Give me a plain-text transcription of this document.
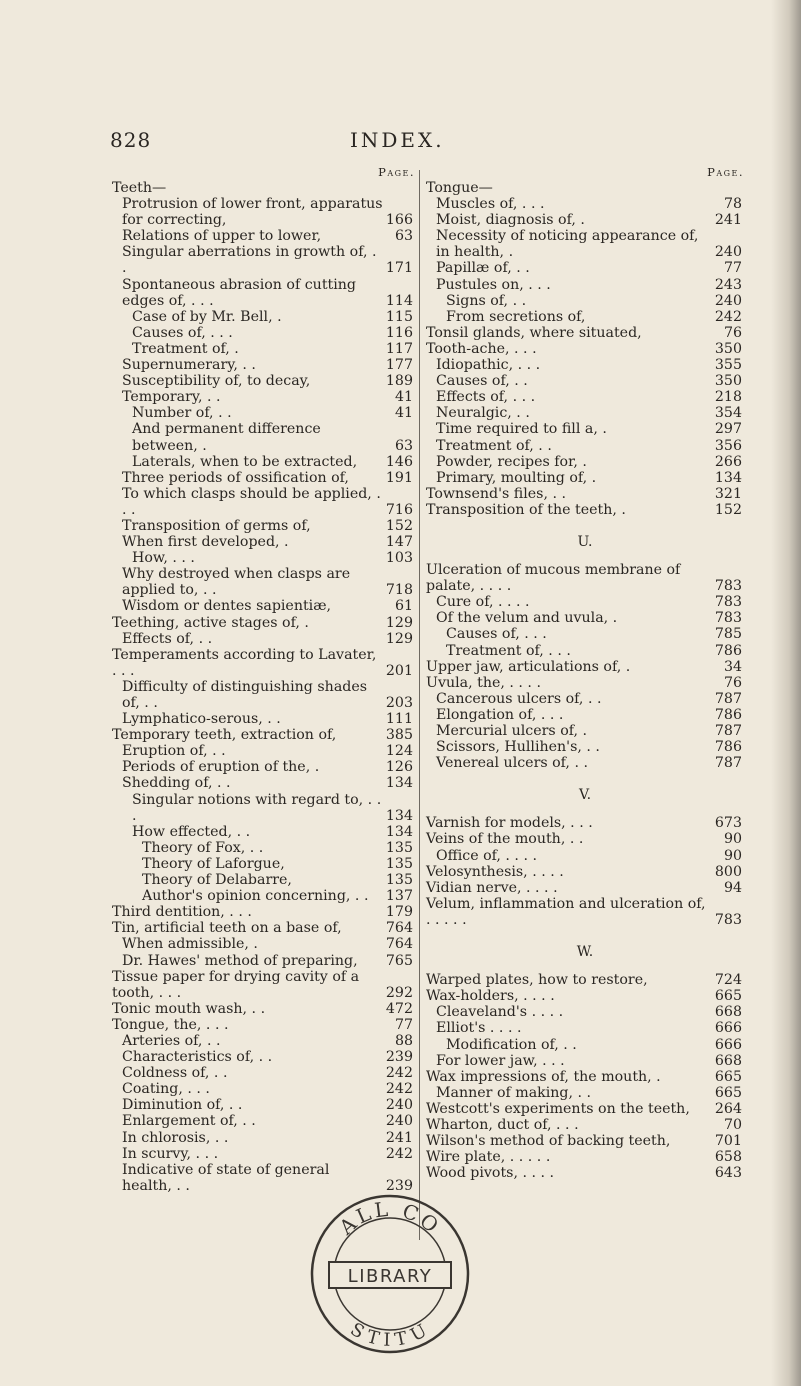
828	INDEX.
Page.
Teeth—
Protrusion of lower front, apparatus for correcting,	166
Relations of upper to lower,	63
Singular aberrations in growth of, . .	171
Spontaneous abrasion of cutting edges of, . . .	114
Case of by Mr. Bell, .	115
Causes of, . . .	116
Treatment of, .	117
Supernumerary, . .	177
Susceptibility of, to decay,	189
Temporary, . .	41
Number of, . .	41
And permanent difference between, .	63
Laterals, when to be extracted,	146
Three periods of ossification of,	191
To which clasps should be applied, . . .	716
Transposition of germs of,	152
When first developed, .	147
How, . . .	103
Why destroyed when clasps are applied to, . .	718
Wisdom or dentes sapientiæ,	61
Teething, active stages of, .	129
Effects of, . .	129
Temperaments according to Lavater, . . .	201
Difficulty of distinguishing shades of, . .	203
Lymphatico-serous, . .	111
Temporary teeth, extraction of,	385
Eruption of, . .	124
Periods of eruption of the, .	126
Shedding of, . .	134
Singular notions with regard to, . . .	134
How effected, . .	134
Theory of Fox, . .	135
Theory of Laforgue,	135
Theory of Delabarre,	135
Author's opinion concerning, . .	137
Third dentition, . . .	179
Tin, artificial teeth on a base of,	764
When admissible, .	764
Dr. Hawes' method of preparing,	765
Tissue paper for drying cavity of a tooth, . . .	292
Tonic mouth wash, . .	472
Tongue, the, . . .	77
Arteries of, . .	88
Characteristics of, . .	239
Coldness of, . .	242
Coating, . . .	242
Diminution of, . .	240
Enlargement of, . .	240
In chlorosis, . .	241
In scurvy, . . .	242
Indicative of state of general health, . .	239
Page.
Tongue—
Muscles of, . . .	78
Moist, diagnosis of, .	241
Necessity of noticing appearance of, in health, .	240
Papillæ of, . .	77
Pustules on, . . .	243
Signs of, . .	240
From secretions of,	242
Tonsil glands, where situated,	76
Tooth-ache, . . .	350
Idiopathic, . . .	355
Causes of, . .	350
Effects of, . . .	218
Neuralgic, . .	354
Time required to fill a, .	297
Treatment of, . .	356
Powder, recipes for, .	266
Primary, moulting of, .	134
Townsend's files, . .	321
Transposition of the teeth, .	152
U.
Ulceration of mucous membrane of palate, . . . .	783
Cure of, . . . .	783
Of the velum and uvula, .	783
Causes of, . . .	785
Treatment of, . . .	786
Upper jaw, articulations of, .	34
Uvula, the, . . . .	76
Cancerous ulcers of, . .	787
Elongation of, . . .	786
Mercurial ulcers of, .	787
Scissors, Hullihen's, . .	786
Venereal ulcers of, . .	787
V.
Varnish for models, . . .	673
Veins of the mouth, . .	90
Office of, . . . .	90
Velosynthesis, . . . .	800
Vidian nerve, . . . .	94
Velum, inflammation and ulceration of, . . . . .	783
W.
Warped plates, how to restore,	724
Wax-holders, . . . .	665
Cleaveland's . . . .	668
Elliot's . . . .	666
Modification of, . .	666
For lower jaw, . . .	668
Wax impressions of, the mouth, .	665
Manner of making, . .	665
Westcott's experiments on the teeth,	264
Wharton, duct of, . . .	70
Wilson's method of backing teeth,	701
Wire plate, . . . . .	658
Wood pivots, . . . .	643
ALL CO
LIBRARY
STITU
